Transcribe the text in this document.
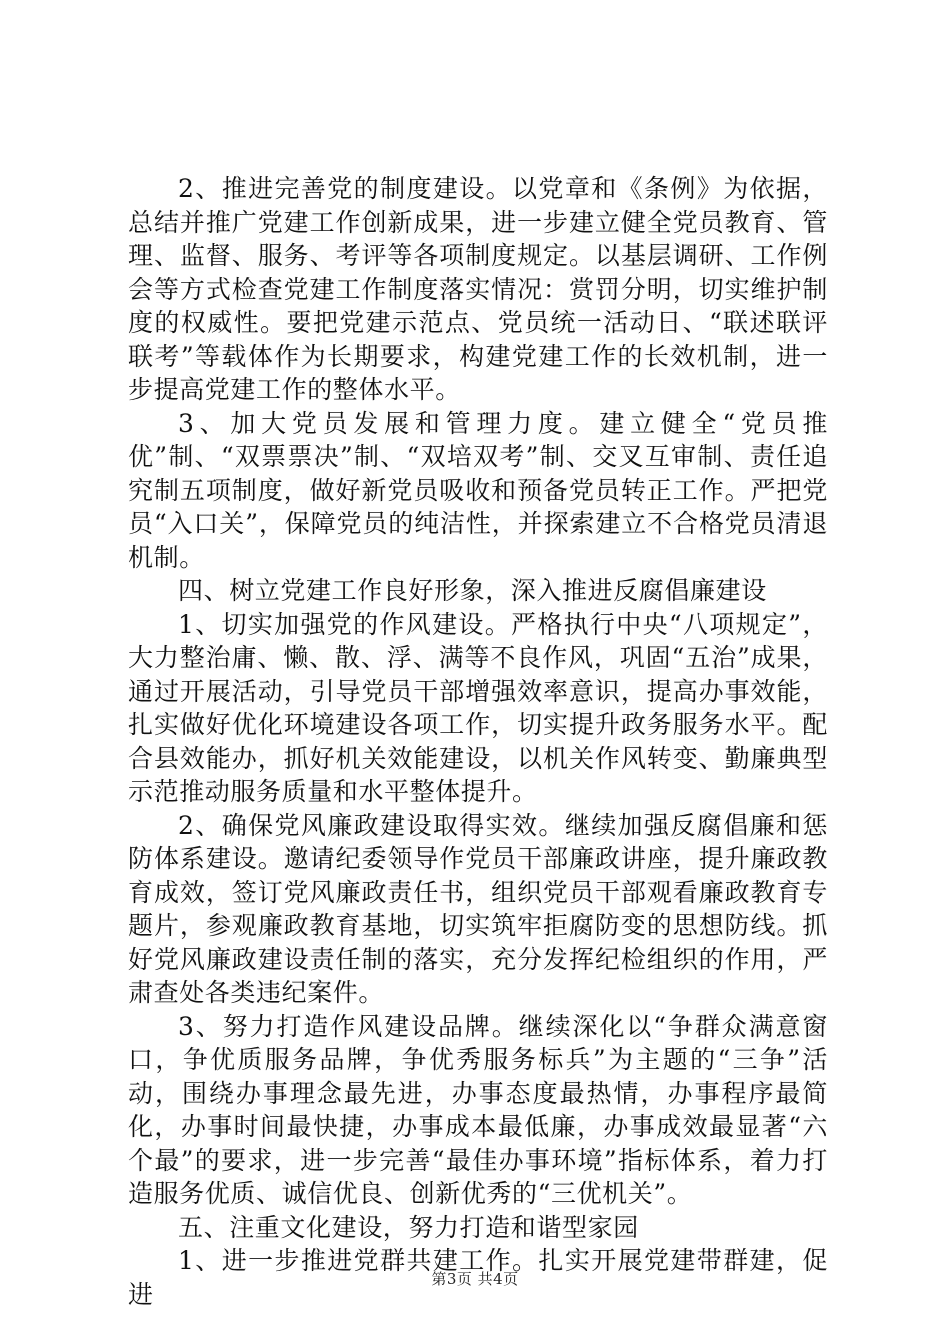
2、推进完善党的制度建设。以党章和《条例》为依据，总结并推广党建工作创新成果，进一步建立健全党员教育、管理、监督、服务、考评等各项制度规定。以基层调研、工作例会等方式检查党建工作制度落实情况：赏罚分明，切实维护制度的权威性。要把党建示范点、党员统一活动日、“联述联评联考”等载体作为长期要求，构建党建工作的长效机制，进一步提高党建工作的整体水平。

3、加大党员发展和管理力度。建立健全“党员推优”制、“双票票决”制、“双培双考”制、交叉互审制、责任追究制五项制度，做好新党员吸收和预备党员转正工作。严把党员“入口关”，保障党员的纯洁性，并探索建立不合格党员清退机制。

四、树立党建工作良好形象，深入推进反腐倡廉建设

1、切实加强党的作风建设。严格执行中央“八项规定”，大力整治庸、懒、散、浮、满等不良作风，巩固“五治”成果，通过开展活动，引导党员干部增强效率意识，提高办事效能，扎实做好优化环境建设各项工作，切实提升政务服务水平。配合县效能办，抓好机关效能建设，以机关作风转变、勤廉典型示范推动服务质量和水平整体提升。

2、确保党风廉政建设取得实效。继续加强反腐倡廉和惩防体系建设。邀请纪委领导作党员干部廉政讲座，提升廉政教育成效，签订党风廉政责任书，组织党员干部观看廉政教育专题片，参观廉政教育基地，切实筑牢拒腐防变的思想防线。抓好党风廉政建设责任制的落实，充分发挥纪检组织的作用，严肃查处各类违纪案件。

3、努力打造作风建设品牌。继续深化以“争群众满意窗口，争优质服务品牌，争优秀服务标兵”为主题的“三争”活动，围绕办事理念最先进，办事态度最热情，办事程序最简化，办事时间最快捷，办事成本最低廉，办事成效最显著“六个最”的要求，进一步完善“最佳办事环境”指标体系，着力打造服务优质、诚信优良、创新优秀的“三优机关”。

五、注重文化建设，努力打造和谐型家园

1、进一步推进党群共建工作。扎实开展党建带群建，促进

第3页 共4页
